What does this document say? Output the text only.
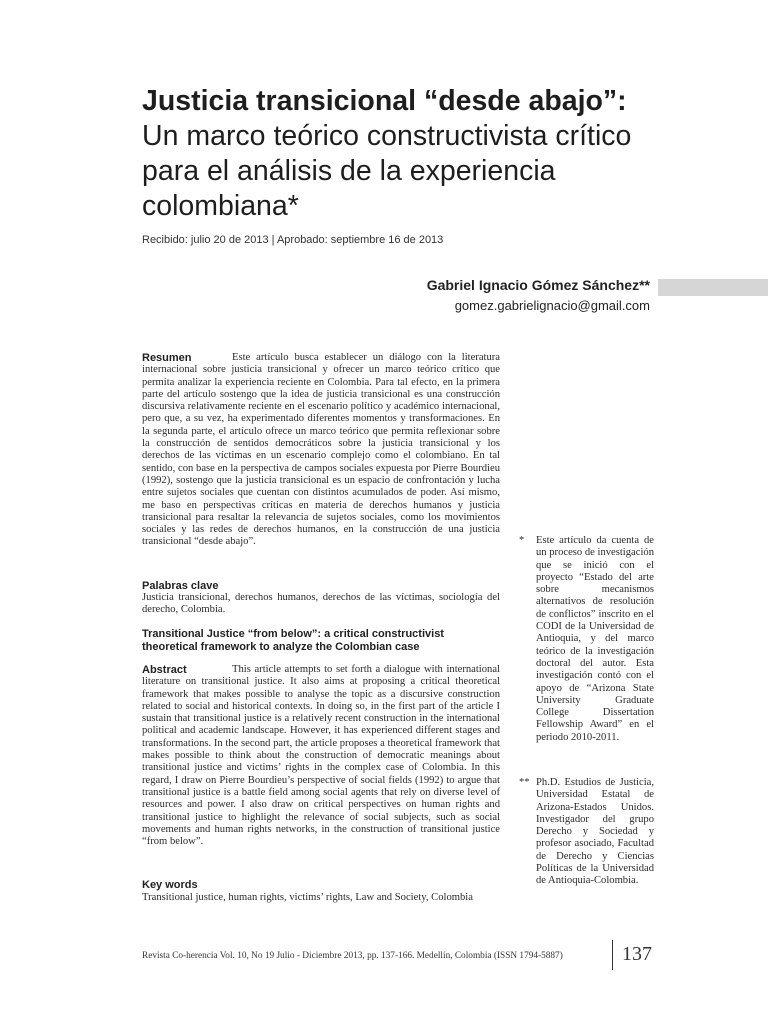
Justicia transicional “desde abajo”: Un marco teórico constructivista crítico para el análisis de la experiencia colombiana*
Recibido: julio 20 de 2013 | Aprobado: septiembre 16 de 2013
Gabriel Ignacio Gómez Sánchez**
gomez.gabrielignacio@gmail.com
Resumen	Este artículo busca establecer un diálogo con la literatura internacional sobre justicia transicional y ofrecer un marco teórico crítico que permita analizar la experiencia reciente en Colombia. Para tal efecto, en la primera parte del artículo sostengo que la idea de justicia transicional es una construcción discursiva relativamente reciente en el escenario político y académico internacional, pero que, a su vez, ha experimentado diferentes momentos y transformaciones. En la segunda parte, el artículo ofrece un marco teórico que permita reflexionar sobre la construcción de sentidos democráticos sobre la justicia transicional y los derechos de las víctimas en un escenario complejo como el colombiano. En tal sentido, con base en la perspectiva de campos sociales expuesta por Pierre Bourdieu (1992), sostengo que la justicia transicional es un espacio de confrontación y lucha entre sujetos sociales que cuentan con distintos acumulados de poder. Así mismo, me baso en perspectivas críticas en materia de derechos humanos y justicia transicional para resaltar la relevancia de sujetos sociales, como los movimientos sociales y las redes de derechos humanos, en la construcción de una justicia transicional “desde abajo”.
Palabras clave
Justicia transicional, derechos humanos, derechos de las víctimas, sociología del derecho, Colombia.
Transitional Justice “from below”: a critical constructivist theoretical framework to analyze the Colombian case
Abstract	This article attempts to set forth a dialogue with international literature on transitional justice. It also aims at proposing a critical theoretical framework that makes possible to analyse the topic as a discursive construction related to social and historical contexts. In doing so, in the first part of the article I sustain that transitional justice is a relatively recent construction in the international political and academic landscape. However, it has experienced different stages and transformations. In the second part, the article proposes a theoretical framework that makes possible to think about the construction of democratic meanings about transitional justice and victims’ rights in the complex case of Colombia. In this regard, I draw on Pierre Bourdieu’s perspective of social fields (1992) to argue that transitional justice is a battle field among social agents that rely on diverse level of resources and power. I also draw on critical perspectives on human rights and transitional justice to highlight the relevance of social subjects, such as social movements and human rights networks, in the construction of transitional justice “from below”.
Key words
Transitional justice, human rights, victims’ rights, Law and Society, Colombia
* Este artículo da cuenta de un proceso de investigación que se inició con el proyecto “Estado del arte sobre mecanismos alternativos de resolución de conflictos” inscrito en el CODI de la Universidad de Antioquia, y del marco teórico de la investigación doctoral del autor. Esta investigación contó con el apoyo de “Arizona State University Graduate College Dissertation Fellowship Award” en el periodo 2010-2011.
** Ph.D. Estudios de Justicia, Universidad Estatal de Arizona-Estados Unidos. Investigador del grupo Derecho y Sociedad y profesor asociado, Facultad de Derecho y Ciencias Políticas de la Universidad de Antioquia-Colombia.
Revista Co-herencia Vol. 10, No 19 Julio - Diciembre 2013, pp. 137-166. Medellín, Colombia (ISSN 1794-5887)	137
